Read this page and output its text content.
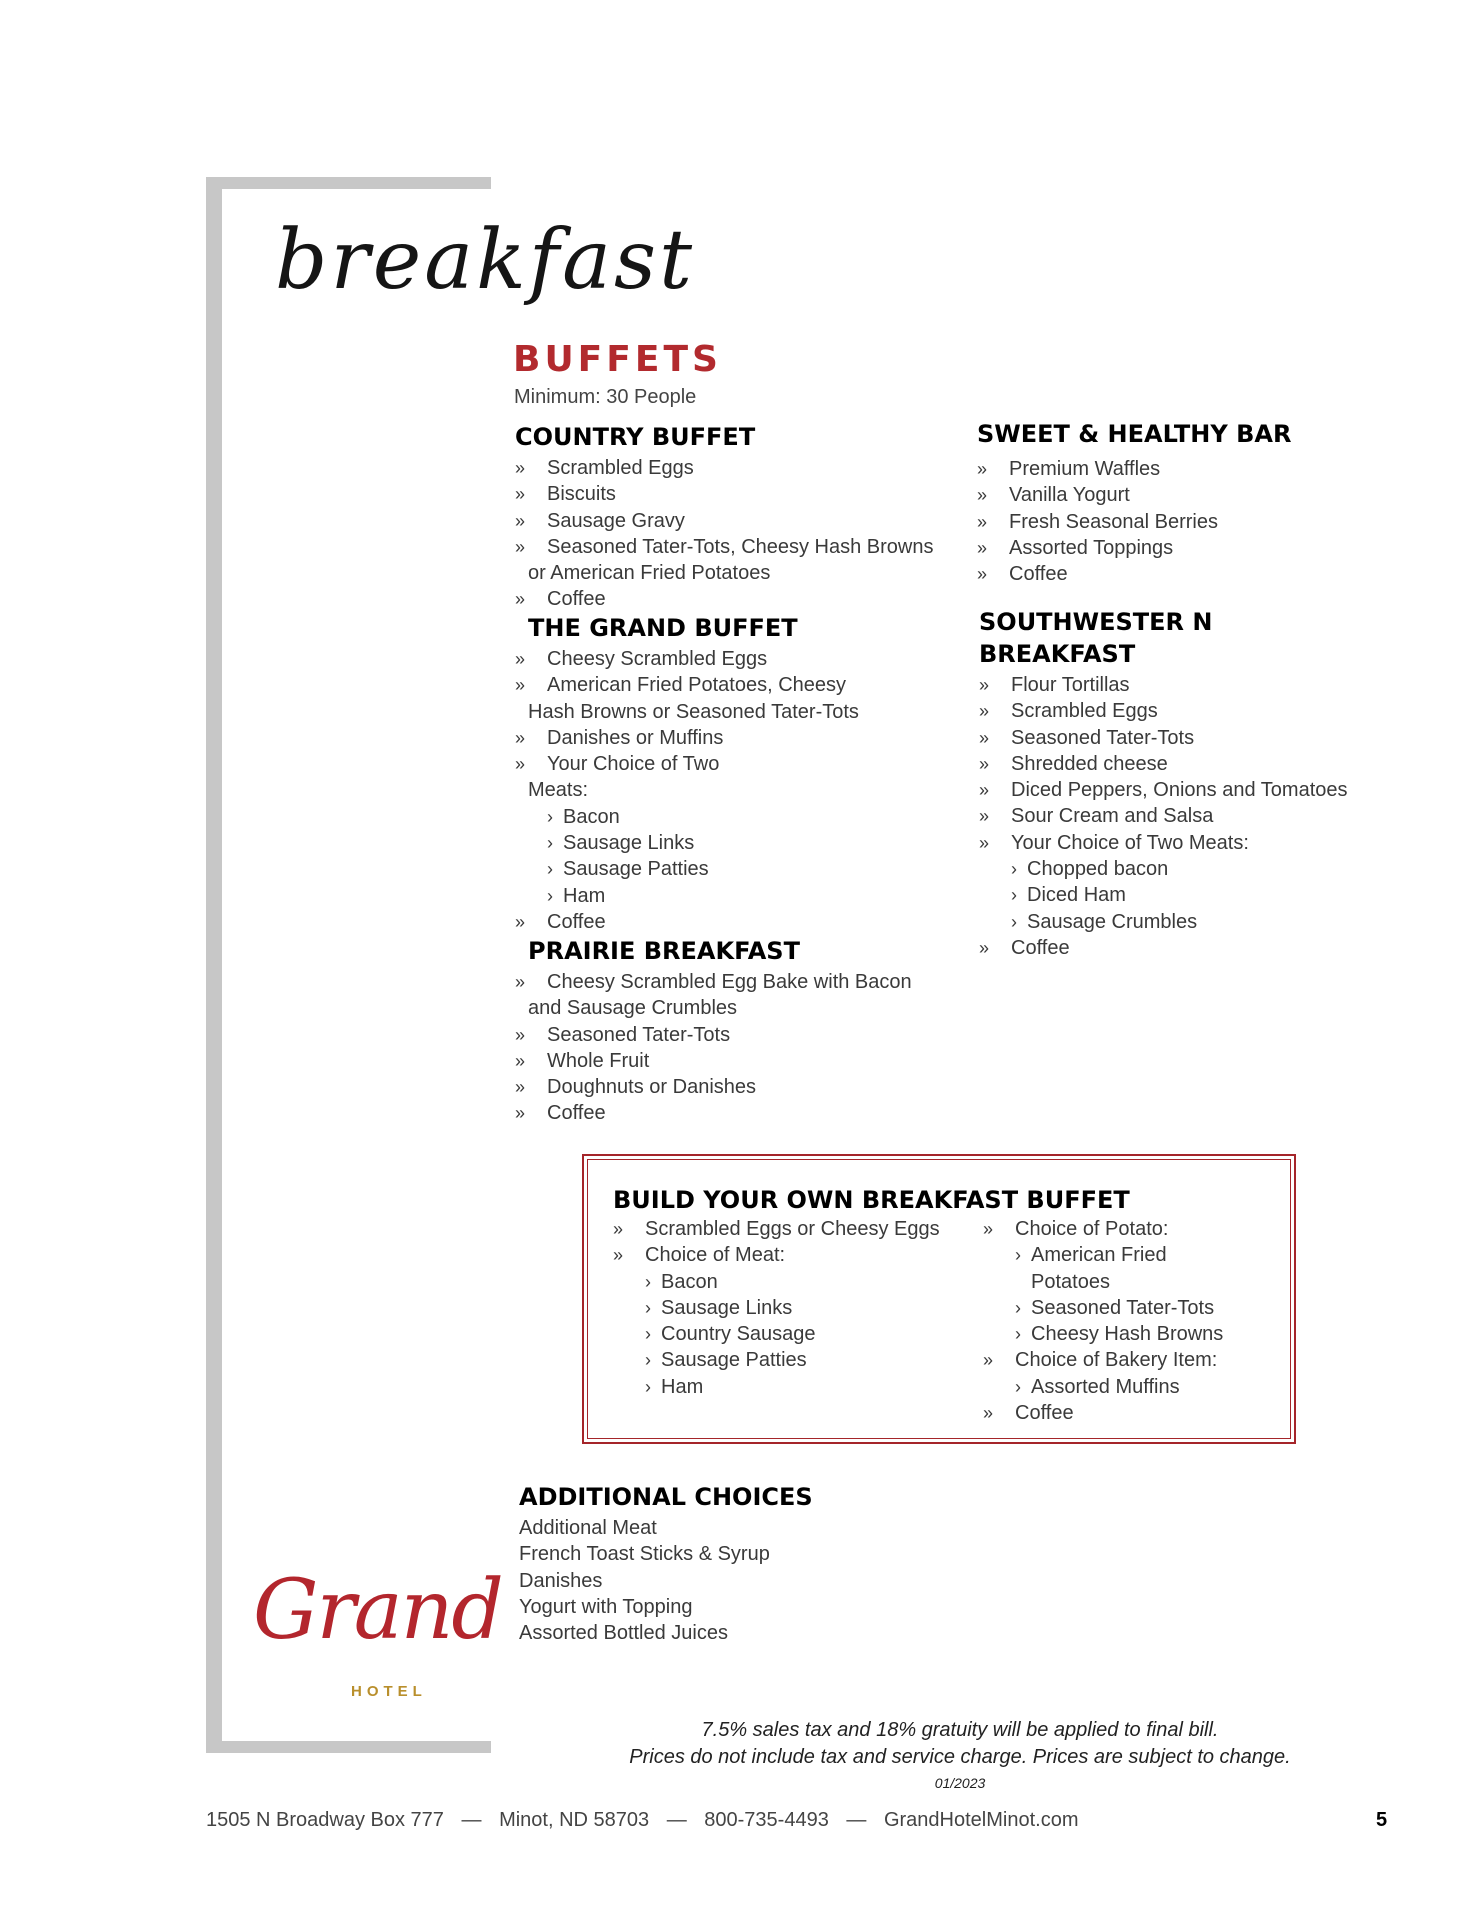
breakfast
BUFFETS
Minimum: 30 People
COUNTRY BUFFET
»	Scrambled Eggs
»	Biscuits
»	Sausage Gravy
»	Seasoned Tater-Tots, Cheesy Hash Browns
or American Fried Potatoes
»	Coffee
THE GRAND BUFFET
»	Cheesy Scrambled Eggs
»	American Fried Potatoes, Cheesy
Hash Browns or Seasoned Tater-Tots
»	Danishes or Muffins
»	Your Choice of Two
Meats:
› Bacon
› Sausage Links
› Sausage Patties
› Ham
»	Coffee
PRAIRIE BREAKFAST
»	Cheesy Scrambled Egg Bake with Bacon
and Sausage Crumbles
»	Seasoned Tater-Tots
»	Whole Fruit
»	Doughnuts or Danishes
»	Coffee
SWEET & HEALTHY BAR
»	Premium Waffles
»	Vanilla Yogurt
»	Fresh Seasonal Berries
»	Assorted Toppings
»	Coffee
SOUTHWESTER N BREAKFAST
»	Flour Tortillas
»	Scrambled Eggs
»	Seasoned Tater-Tots
»	Shredded cheese
»	Diced Peppers, Onions and Tomatoes
»	Sour Cream and Salsa
»	Your Choice of Two Meats:
› Chopped bacon
› Diced Ham
› Sausage Crumbles
»	Coffee
BUILD YOUR OWN BREAKFAST BUFFET
»	Scrambled Eggs or Cheesy Eggs
»	Choice of Meat:
› Bacon
› Sausage Links
› Country Sausage
› Sausage Patties
› Ham
»	Choice of Potato:
› American Fried
Potatoes
› Seasoned Tater-Tots
› Cheesy Hash Browns
»	Choice of Bakery Item:
› Assorted Muffins
»	Coffee
ADDITIONAL CHOICES
Additional Meat
French Toast Sticks & Syrup
Danishes
Yogurt with Topping
Assorted Bottled Juices
Grand
HOTEL
7.5% sales tax and 18% gratuity will be applied to final bill.
Prices do not include tax and service charge. Prices are subject to change.
01/2023
1505 N Broadway Box 777 — Minot, ND 58703 — 800-735-4493 — GrandHotelMinot.com	5
